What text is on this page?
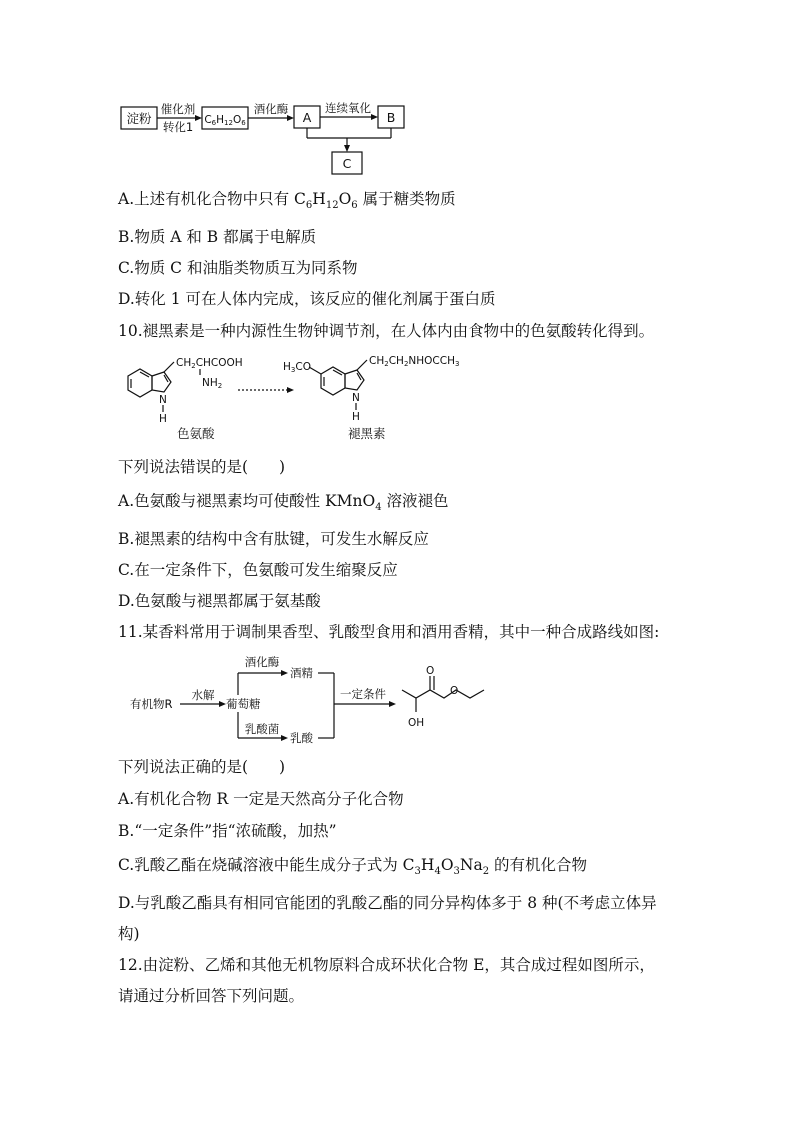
淀粉
催化剂
转化1 C6H12O6
酒化酶
A
连续氧化
B
C
A.上述有机化合物中只有 $C_6H_{12}O_6$ 属于糖类物质
B.物质 A 和 B 都属于电解质
C.物质 C 和油脂类物质互为同系物
D.转化 1 可在人体内完成，该反应的催化剂属于蛋白质
10.褪黑素是一种内源性生物钟调节剂，在人体内由食物中的色氨酸转化得到。
CH2CHCOOH
NH2
N
H
色氨酸
H3CO	CH2CH2NHOCCH3
N
H
褪黑素
下列说法错误的是(　　)
A.色氨酸与褪黑素均可使酸性 KMnO$_4$ 溶液褪色
B.褪黑素的结构中含有肽键，可发生水解反应
C.在一定条件下，色氨酸可发生缩聚反应
D.色氨酸与褪黑都属于氨基酸
11.某香料常用于调制果香型、乳酸型食用和酒用香精，其中一种合成路线如图:
有机物R
水解
葡萄糖
酒化酶
酒精
乳酸菌
乳酸
一定条件
O
O
OH
下列说法正确的是(　　)
A.有机化合物 R 一定是天然高分子化合物
B.“一定条件”指“浓硫酸，加热”
C.乳酸乙酯在烧碱溶液中能生成分子式为 $C_3H_4O_3Na_2$ 的有机化合物
D.与乳酸乙酯具有相同官能团的乳酸乙酯的同分异构体多于 8 种(不考虑立体异
构)
12.由淀粉、乙烯和其他无机物原料合成环状化合物 E，其合成过程如图所示，
请通过分析回答下列问题。
